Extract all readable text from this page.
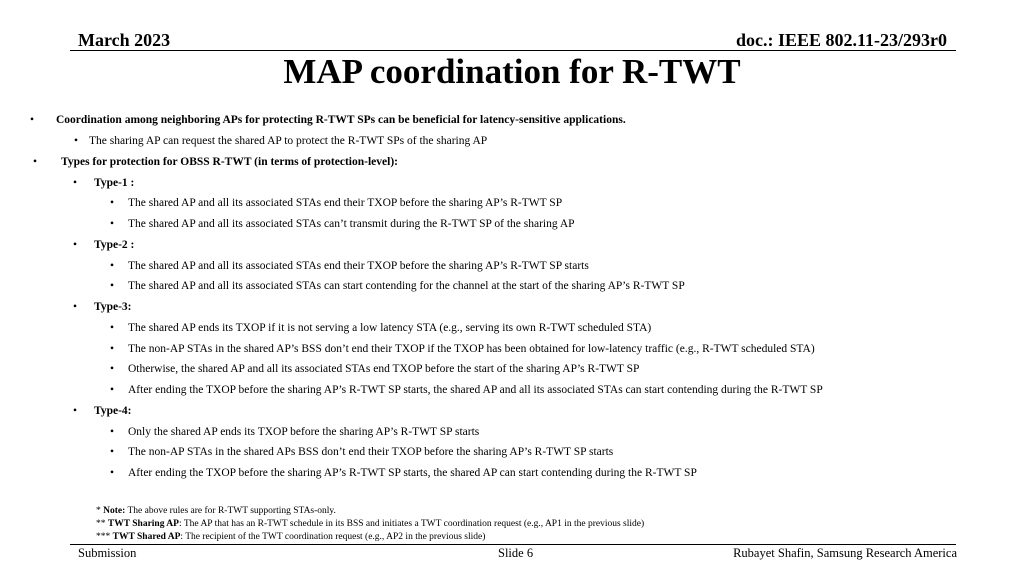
March 2023	doc.: IEEE 802.11-23/293r0
MAP coordination for R-TWT
• Coordination among neighboring APs for protecting R-TWT SPs can be beneficial for latency-sensitive applications.
• The sharing AP can request the shared AP to protect the R-TWT SPs of the sharing AP
• Types for protection for OBSS R-TWT (in terms of protection-level):
• Type-1 :
• The shared AP and all its associated STAs end their TXOP before the sharing AP’s R-TWT SP
• The shared AP and all its associated STAs can’t transmit during the R-TWT SP of the sharing AP
• Type-2 :
• The shared AP and all its associated STAs end their TXOP before the sharing AP’s R-TWT SP starts
• The shared AP and all its associated STAs can start contending for the channel at the start of the sharing AP’s R-TWT SP
• Type-3:
• The shared AP ends its TXOP if it is not serving a low latency STA (e.g., serving its own R-TWT scheduled STA)
• The non-AP STAs in the shared AP’s BSS don’t end their TXOP if the TXOP has been obtained for low-latency traffic (e.g., R-TWT scheduled STA)
• Otherwise, the shared AP and all its associated STAs end TXOP before the start of the sharing AP’s R-TWT SP
• After ending the TXOP before the sharing AP’s R-TWT SP starts, the shared AP and all its associated STAs can start contending during the R-TWT SP
• Type-4:
• Only the shared AP ends its TXOP before the sharing AP’s R-TWT SP starts
• The non-AP STAs in the shared APs BSS don’t end their TXOP before the sharing AP’s R-TWT SP starts
• After ending the TXOP before the sharing AP’s R-TWT SP starts, the shared AP can start contending during the R-TWT SP
* Note: The above rules are for R-TWT supporting STAs-only.
** TWT Sharing AP: The AP that has an R-TWT schedule in its BSS and initiates a TWT coordination request (e.g., AP1 in the previous slide)
*** TWT Shared AP: The recipient of the TWT coordination request (e.g., AP2 in the previous slide)
Submission	Slide 6	Rubayet Shafin, Samsung Research America
